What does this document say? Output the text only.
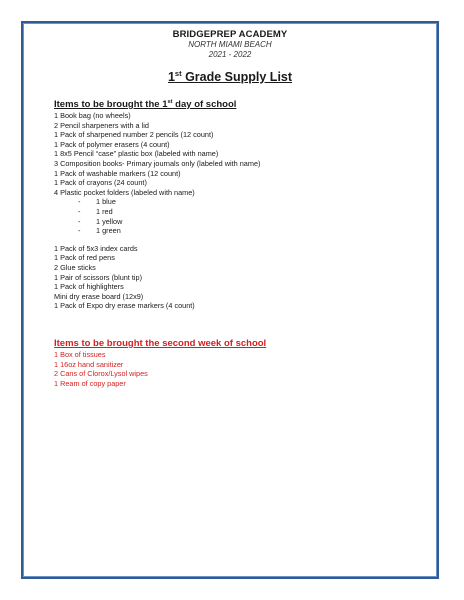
BRIDGEPREP ACADEMY
NORTH MIAMI BEACH
2021 - 2022
1st Grade Supply List
Items to be brought the 1st day of school
1 Book bag (no wheels)
2 Pencil sharpeners with a lid
1 Pack of sharpened number 2 pencils (12 count)
1 Pack of polymer erasers (4 count)
1 8x5 Pencil “case” plastic box (labeled with name)
3 Composition books- Primary journals only (labeled with name)
1 Pack of washable markers (12 count)
1 Pack of crayons (24 count)
4 Plastic pocket folders (labeled with name)
- 1 blue
- 1 red
- 1 yellow
- 1 green
1 Pack of 5x3 index cards
1 Pack of red pens
2 Glue sticks
1 Pair of scissors (blunt tip)
1 Pack of highlighters
Mini dry erase board (12x9)
1 Pack of Expo dry erase markers (4 count)
Items to be brought the second week of school
1 Box of tissues
1 16oz hand sanitizer
2 Cans of Clorox/Lysol wipes
1 Ream of copy paper
